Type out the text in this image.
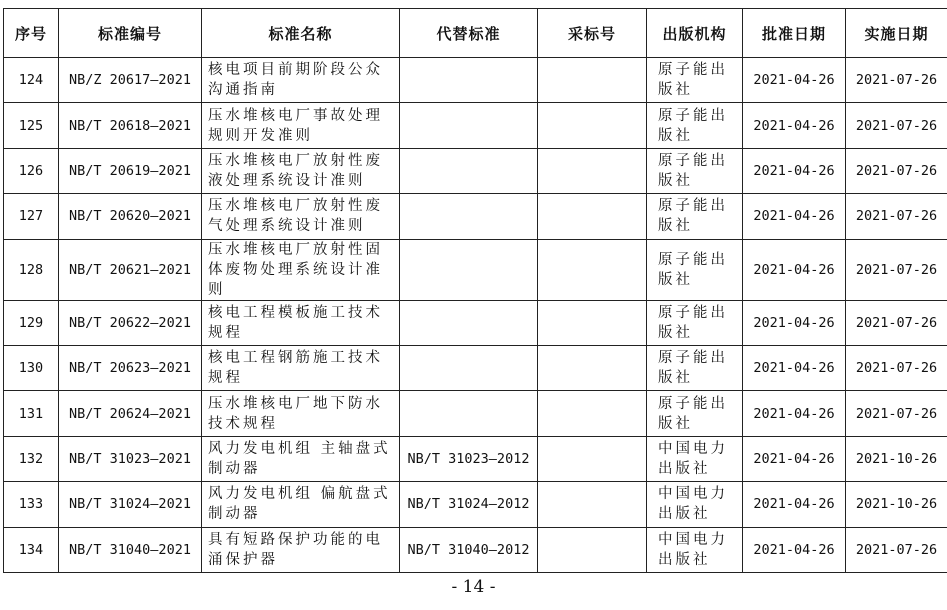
序号	标准编号	标准名称	代替标准	采标号	出版机构	批准日期	实施日期
124	NB/Z 20617—2021	核电项目前期阶段公众沟通指南			原子能出版社	2021-04-26	2021-07-26
125	NB/T 20618—2021	压水堆核电厂事故处理规则开发准则			原子能出版社	2021-04-26	2021-07-26
126	NB/T 20619—2021	压水堆核电厂放射性废液处理系统设计准则			原子能出版社	2021-04-26	2021-07-26
127	NB/T 20620—2021	压水堆核电厂放射性废气处理系统设计准则			原子能出版社	2021-04-26	2021-07-26
128	NB/T 20621—2021	压水堆核电厂放射性固体废物处理系统设计准则			原子能出版社	2021-04-26	2021-07-26
129	NB/T 20622—2021	核电工程模板施工技术规程			原子能出版社	2021-04-26	2021-07-26
130	NB/T 20623—2021	核电工程钢筋施工技术规程			原子能出版社	2021-04-26	2021-07-26
131	NB/T 20624—2021	压水堆核电厂地下防水技术规程			原子能出版社	2021-04-26	2021-07-26
132	NB/T 31023—2021	风力发电机组 主轴盘式制动器	NB/T 31023—2012		中国电力出版社	2021-04-26	2021-10-26
133	NB/T 31024—2021	风力发电机组 偏航盘式制动器	NB/T 31024—2012		中国电力出版社	2021-04-26	2021-10-26
134	NB/T 31040—2021	具有短路保护功能的电涌保护器	NB/T 31040—2012		中国电力出版社	2021-04-26	2021-07-26
- 14 -
